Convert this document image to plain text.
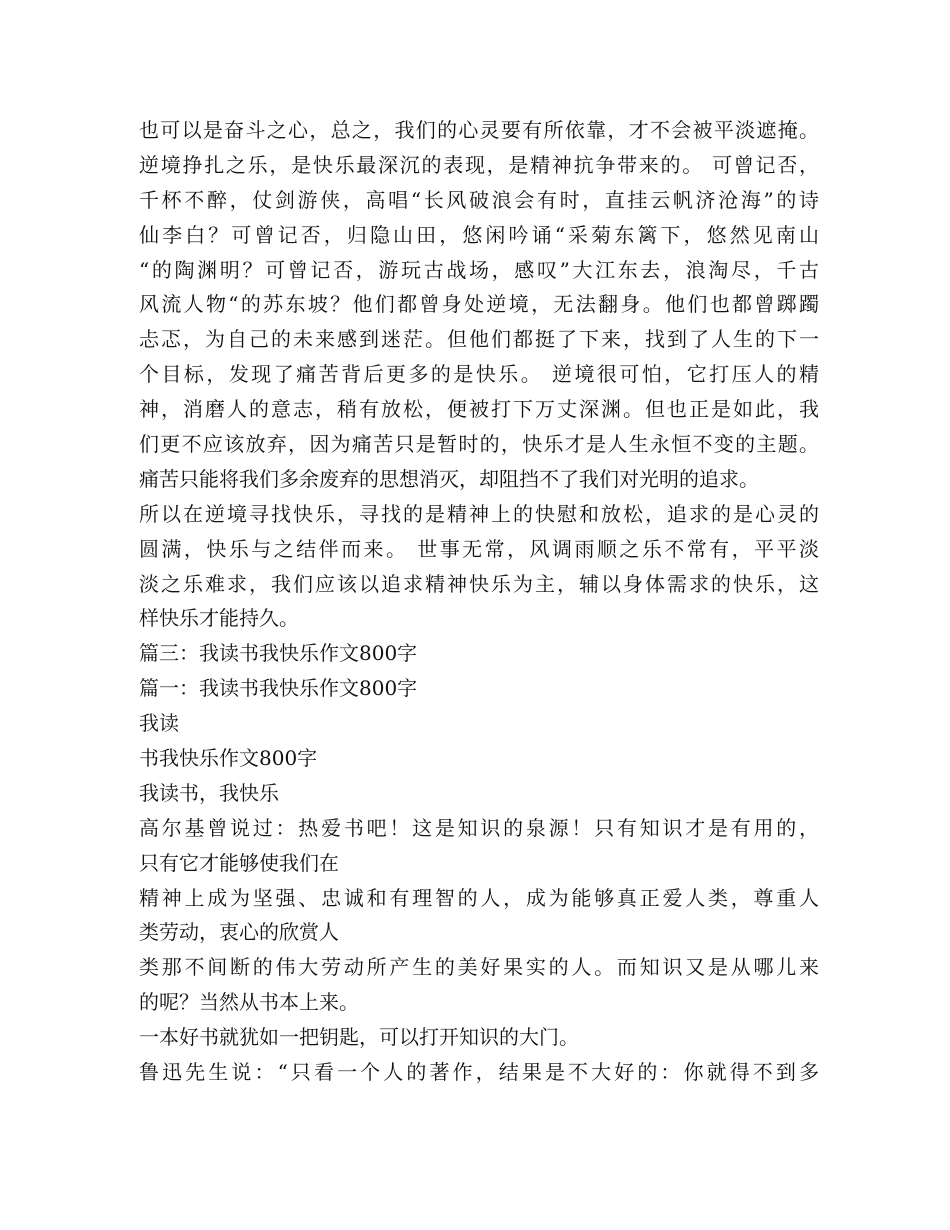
也可以是奋斗之心，总之，我们的心灵要有所依靠，才不会被平淡遮掩。
逆境挣扎之乐，是快乐最深沉的表现，是精神抗争带来的。 可曾记否，
千杯不醉，仗剑游侠，高唱“长风破浪会有时，直挂云帆济沧海”的诗
仙李白？可曾记否，归隐山田，悠闲吟诵“采菊东篱下，悠然见南山
“的陶渊明？可曾记否，游玩古战场，感叹”大江东去，浪淘尽，千古
风流人物“的苏东坡？他们都曾身处逆境，无法翻身。他们也都曾踯躅
忐忑，为自己的未来感到迷茫。但他们都挺了下来，找到了人生的下一
个目标，发现了痛苦背后更多的是快乐。 逆境很可怕，它打压人的精
神，消磨人的意志，稍有放松，便被打下万丈深渊。但也正是如此，我
们更不应该放弃，因为痛苦只是暂时的，快乐才是人生永恒不变的主题。
痛苦只能将我们多余废弃的思想消灭，却阻挡不了我们对光明的追求。
所以在逆境寻找快乐，寻找的是精神上的快慰和放松，追求的是心灵的
圆满，快乐与之结伴而来。 世事无常，风调雨顺之乐不常有，平平淡
淡之乐难求，我们应该以追求精神快乐为主，辅以身体需求的快乐，这
样快乐才能持久。
篇三：我读书我快乐作文800字
篇一：我读书我快乐作文800字
我读
书我快乐作文800字
我读书，我快乐
高尔基曾说过：热爱书吧！这是知识的泉源！只有知识才是有用的，
只有它才能够使我们在
精神上成为坚强、忠诚和有理智的人，成为能够真正爱人类，尊重人
类劳动，衷心的欣赏人
类那不间断的伟大劳动所产生的美好果实的人。而知识又是从哪儿来
的呢？当然从书本上来。
一本好书就犹如一把钥匙，可以打开知识的大门。
鲁迅先生说：“只看一个人的著作，结果是不大好的：你就得不到多
